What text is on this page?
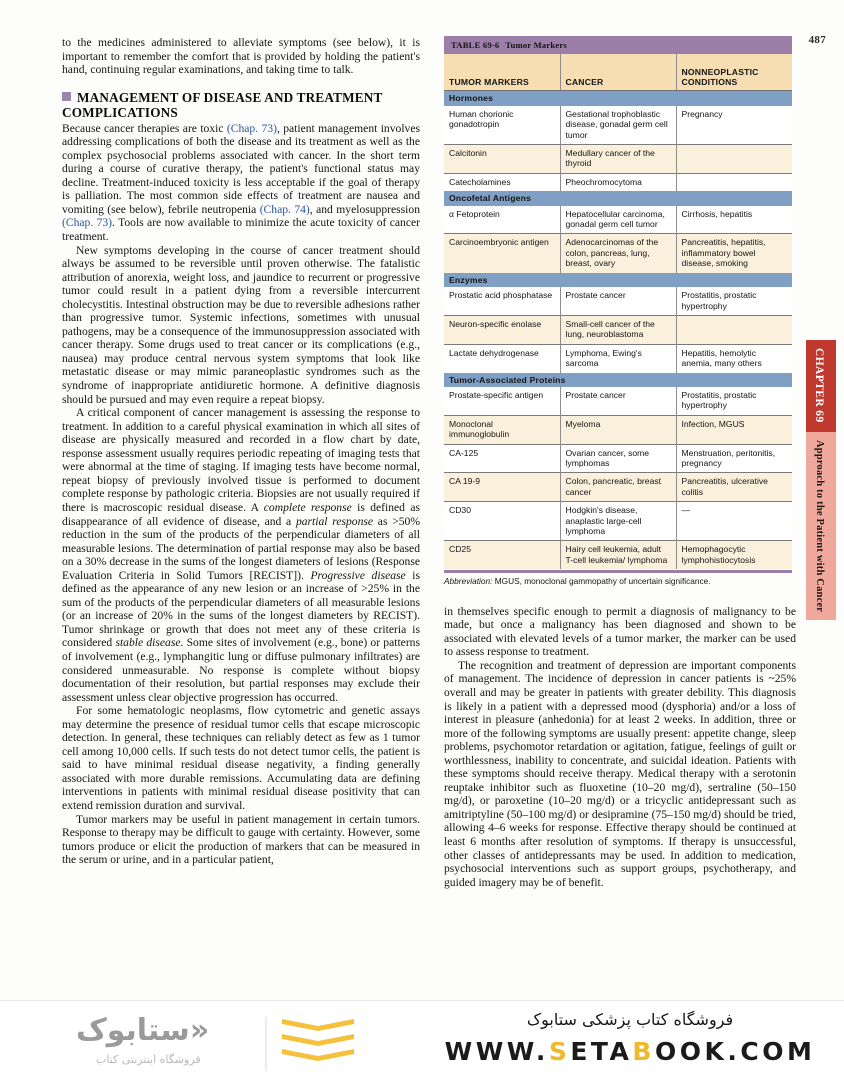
487

to the medicines administered to alleviate symptoms (see below), it is important to remember the comfort that is provided by holding the patient's hand, continuing regular examinations, and taking time to talk.

MANAGEMENT OF DISEASE AND TREATMENT COMPLICATIONS

Because cancer therapies are toxic (Chap. 73), patient management involves addressing complications of both the disease and its treatment as well as the complex psychosocial problems associated with cancer. In the short term during a course of curative therapy, the patient's functional status may decline. Treatment-induced toxicity is less acceptable if the goal of therapy is palliation. The most common side effects of treatment are nausea and vomiting (see below), febrile neutropenia (Chap. 74), and myelosuppression (Chap. 73). Tools are now available to minimize the acute toxicity of cancer treatment.

New symptoms developing in the course of cancer treatment should always be assumed to be reversible until proven otherwise. The fatalistic attribution of anorexia, weight loss, and jaundice to recurrent or progressive tumor could result in a patient dying from a reversible intercurrent cholecystitis. Intestinal obstruction may be due to reversible adhesions rather than progressive tumor. Systemic infections, sometimes with unusual pathogens, may be a consequence of the immunosuppression associated with cancer therapy. Some drugs used to treat cancer or its complications (e.g., nausea) may produce central nervous system symptoms that look like metastatic disease or may mimic paraneoplastic syndromes such as the syndrome of inappropriate antidiuretic hormone. A definitive diagnosis should be pursued and may even require a repeat biopsy.

A critical component of cancer management is assessing the response to treatment. In addition to a careful physical examination in which all sites of disease are physically measured and recorded in a flow chart by date, response assessment usually requires periodic repeating of imaging tests that were abnormal at the time of staging. If imaging tests have become normal, repeat biopsy of previously involved tissue is performed to document complete response by pathologic criteria. Biopsies are not usually required if there is macroscopic residual disease. A complete response is defined as disappearance of all evidence of disease, and a partial response as >50% reduction in the sum of the products of the perpendicular diameters of all measurable lesions. The determination of partial response may also be based on a 30% decrease in the sums of the longest diameters of lesions (Response Evaluation Criteria in Solid Tumors [RECIST]). Progressive disease is defined as the appearance of any new lesion or an increase of >25% in the sum of the products of the perpendicular diameters of all measurable lesions (or an increase of 20% in the sums of the longest diameters by RECIST). Tumor shrinkage or growth that does not meet any of these criteria is considered stable disease. Some sites of involvement (e.g., bone) or patterns of involvement (e.g., lymphangitic lung or diffuse pulmonary infiltrates) are considered unmeasurable. No response is complete without biopsy documentation of their resolution, but partial responses may exclude their assessment unless clear objective progression has occurred.

For some hematologic neoplasms, flow cytometric and genetic assays may determine the presence of residual tumor cells that escape microscopic detection. In general, these techniques can reliably detect as few as 1 tumor cell among 10,000 cells. If such tests do not detect tumor cells, the patient is said to have minimal residual disease negativity, a finding generally associated with more durable remissions. Accumulating data are defining interventions in patients with minimal residual disease positivity that can extend remission duration and survival.

Tumor markers may be useful in patient management in certain tumors. Response to therapy may be difficult to gauge with certainty. However, some tumors produce or elicit the production of markers that can be measured in the serum or urine, and in a particular patient,

TABLE 69-6 Tumor Markers		
TUMOR MARKERS	CANCER	NONNEOPLASTIC CONDITIONS
Hormones		
Human chorionic gonadotropin	Gestational trophoblastic disease, gonadal germ cell tumor	Pregnancy
Calcitonin	Medullary cancer of the thyroid	
Catecholamines	Pheochromocytoma	
Oncofetal Antigens		
α Fetoprotein	Hepatocellular carcinoma, gonadal germ cell tumor	Cirrhosis, hepatitis
Carcinoembryonic antigen	Adenocarcinomas of the colon, pancreas, lung, breast, ovary	Pancreatitis, hepatitis, inflammatory bowel disease, smoking
Enzymes		
Prostatic acid phosphatase	Prostate cancer	Prostatitis, prostatic hypertrophy
Neuron-specific enolase	Small-cell cancer of the lung, neuroblastoma	
Lactate dehydrogenase	Lymphoma, Ewing's sarcoma	Hepatitis, hemolytic anemia, many others
Tumor-Associated Proteins		
Prostate-specific antigen	Prostate cancer	Prostatitis, prostatic hypertrophy
Monoclonal immunoglobulin	Myeloma	Infection, MGUS
CA-125	Ovarian cancer, some lymphomas	Menstruation, peritonitis, pregnancy
CA 19-9	Colon, pancreatic, breast cancer	Pancreatitis, ulcerative colitis
CD30	Hodgkin's disease, anaplastic large-cell lymphoma	—
CD25	Hairy cell leukemia, adult T-cell leukemia/ lymphoma	Hemophagocytic lymphohistiocytosis
Abbreviation: MGUS, monoclonal gammopathy of uncertain significance.

in themselves specific enough to permit a diagnosis of malignancy to be made, but once a malignancy has been diagnosed and shown to be associated with elevated levels of a tumor marker, the marker can be used to assess response to treatment.

The recognition and treatment of depression are important components of management. The incidence of depression in cancer patients is ~25% overall and may be greater in patients with greater debility. This diagnosis is likely in a patient with a depressed mood (dysphoria) and/or a loss of interest in pleasure (anhedonia) for at least 2 weeks. In addition, three or more of the following symptoms are usually present: appetite change, sleep problems, psychomotor retardation or agitation, fatigue, feelings of guilt or worthlessness, inability to concentrate, and suicidal ideation. Patients with these symptoms should receive therapy. Medical therapy with a serotonin reuptake inhibitor such as fluoxetine (10–20 mg/d), sertraline (50–150 mg/d), or paroxetine (10–20 mg/d) or a tricyclic antidepressant such as amitriptyline (50–100 mg/d) or desipramine (75–150 mg/d) should be tried, allowing 4–6 weeks for response. Effective therapy should be continued at least 6 months after resolution of symptoms. If therapy is unsuccessful, other classes of antidepressants may be used. In addition to medication, psychosocial interventions such as support groups, psychotherapy, and guided imagery may be of benefit.

CHAPTER 69
Approach to the Patient with Cancer
«ستابوک
فروشگاه اینترنتی کتاب
فروشگاه کتاب پزشکی ستابوک
WWW.SETABOOK.COM
